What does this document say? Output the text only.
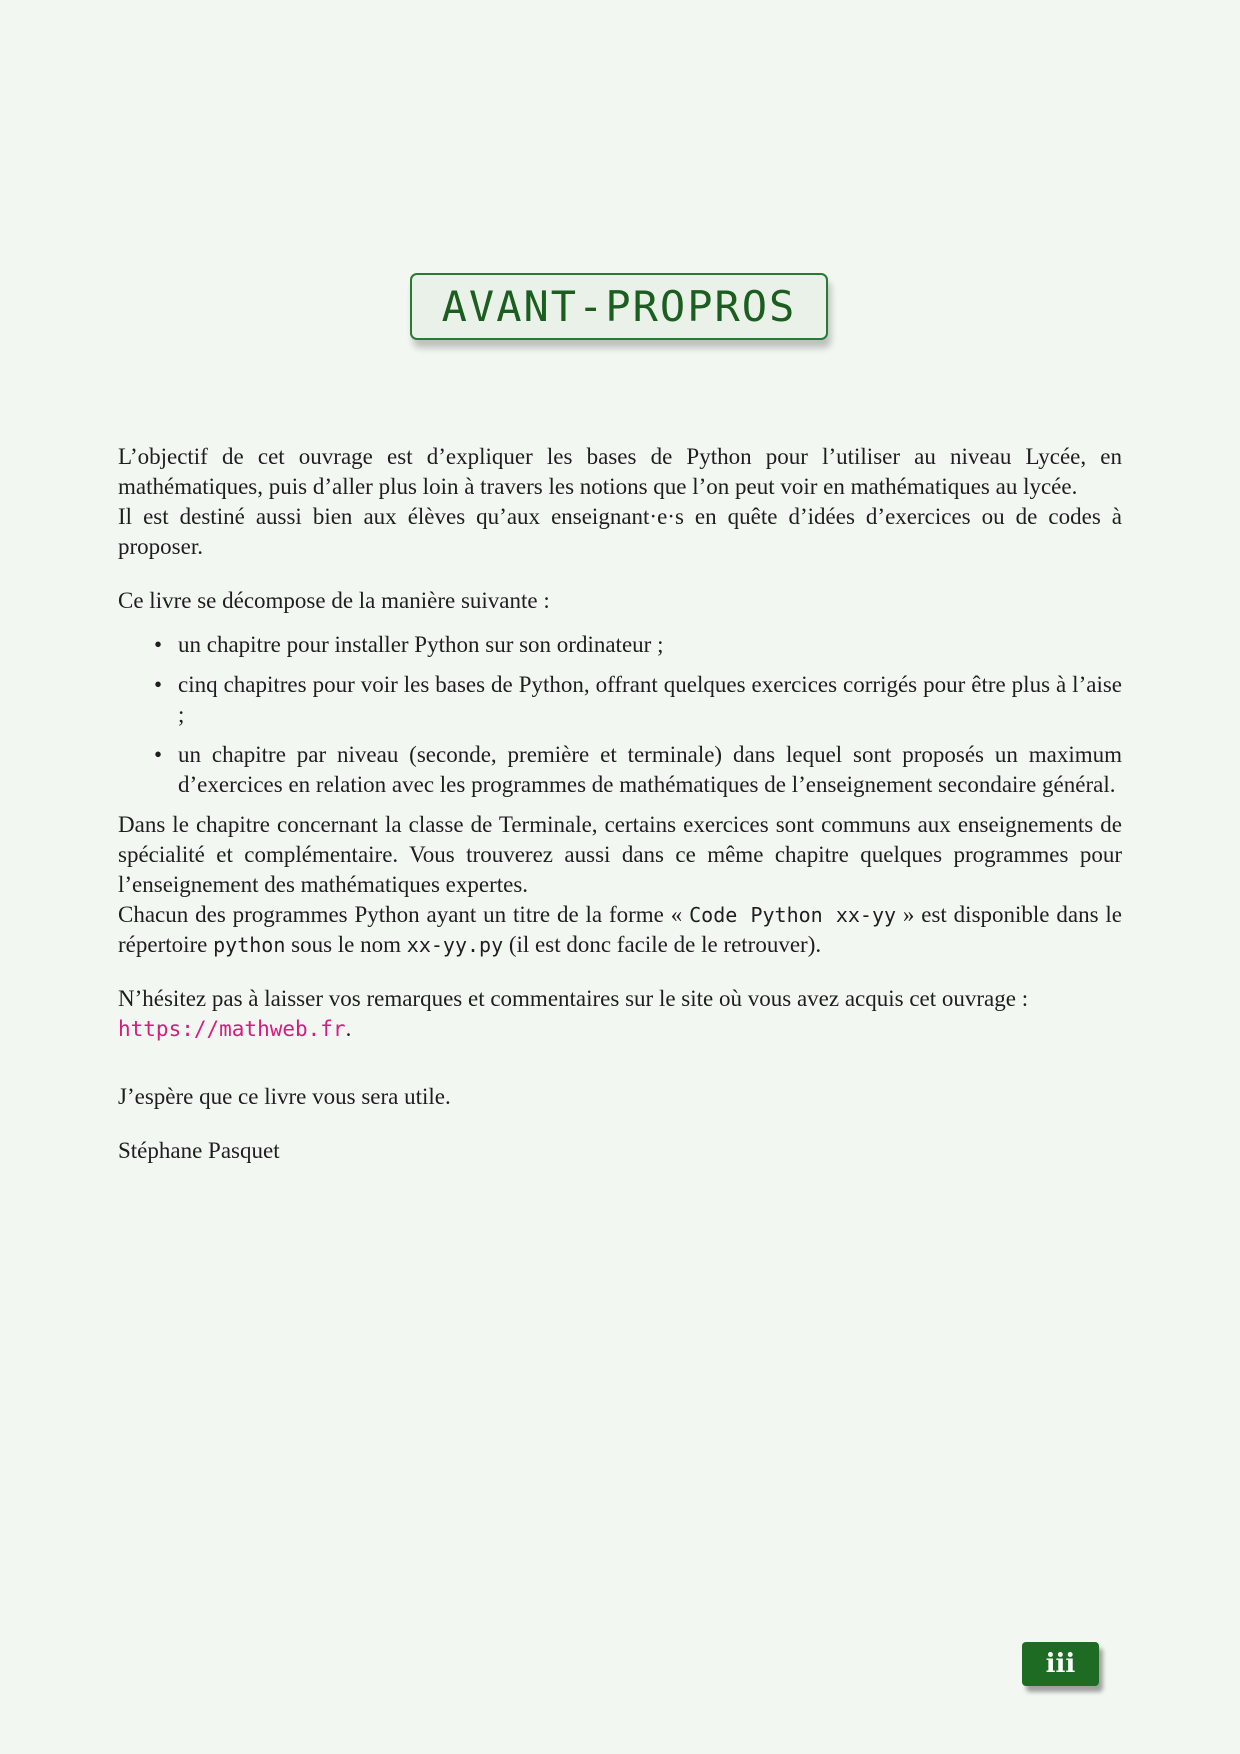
AVANT-PROPROS

L’objectif de cet ouvrage est d’expliquer les bases de Python pour l’utiliser au niveau Lycée, en mathématiques, puis d’aller plus loin à travers les notions que l’on peut voir en mathématiques au lycée.

Il est destiné aussi bien aux élèves qu’aux enseignant·e·s en quête d’idées d’exercices ou de codes à proposer.

Ce livre se décompose de la manière suivante :

• un chapitre pour installer Python sur son ordinateur ;
• cinq chapitres pour voir les bases de Python, offrant quelques exercices corrigés pour être plus à l’aise ;
• un chapitre par niveau (seconde, première et terminale) dans lequel sont proposés un maximum d’exercices en relation avec les programmes de mathématiques de l’enseignement secondaire général.

Dans le chapitre concernant la classe de Terminale, certains exercices sont communs aux enseignements de spécialité et complémentaire. Vous trouverez aussi dans ce même chapitre quelques programmes pour l’enseignement des mathématiques expertes.

Chacun des programmes Python ayant un titre de la forme « Code Python xx-yy » est disponible dans le répertoire python sous le nom xx-yy.py (il est donc facile de le retrouver).

N’hésitez pas à laisser vos remarques et commentaires sur le site où vous avez acquis cet ouvrage :

https://mathweb.fr.

J’espère que ce livre vous sera utile.

Stéphane Pasquet

iii
